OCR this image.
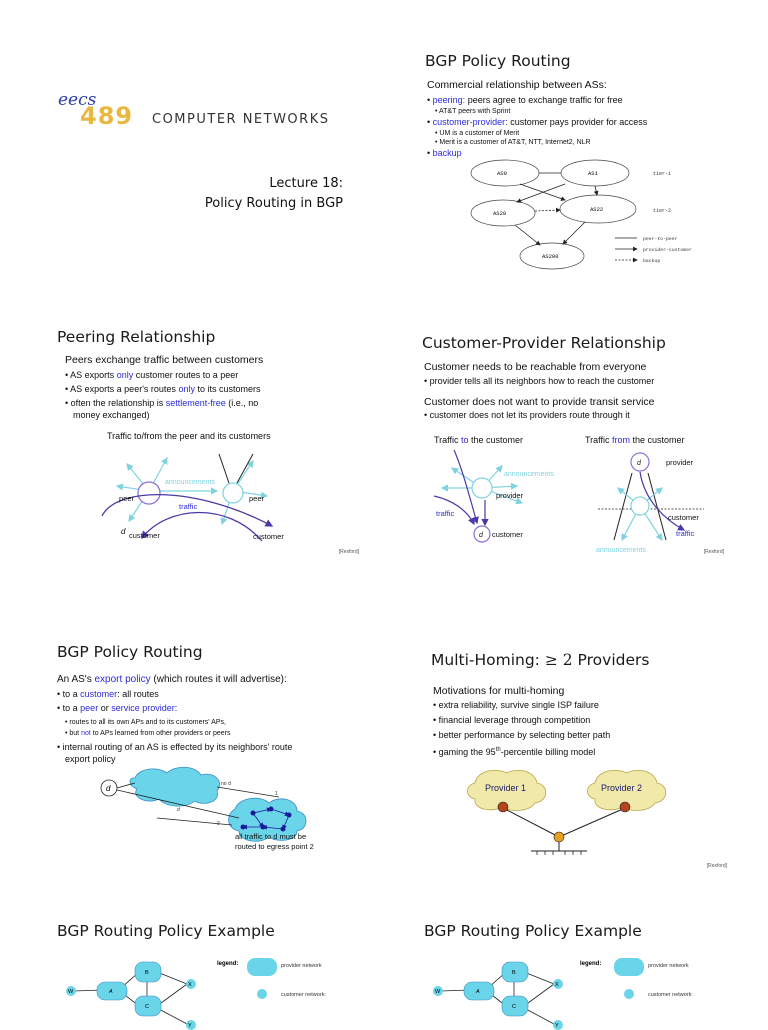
eecs
489 COMPUTER NETWORKS
Lecture 18:
Policy Routing in BGP
BGP Policy Routing
Commercial relationship between ASs:
• peering: peers agree to exchange traffic for free
• AT&T peers with Sprint
• customer-provider: customer pays provider for access
• UM is a customer of Merit
• Merit is a customer of AT&T, NTT, Internet2, NLR
• backup
AS0	AS1
AS20
AS22
AS200
tier-1
tier-2
peer-to-peer
provider-customer
backup
Peering Relationship
Peers exchange traffic between customers
• AS exports only customer routes to a peer
• AS exports a peer's routes only to its customers
• often the relationship is settlement-free (i.e., no
money exchanged)
Traffic to/from the peer and its customers
announcements
peer	peer
traffic
d customer	customer
[Rexford]
Customer-Provider Relationship
Customer needs to be reachable from everyone
• provider tells all its neighbors how to reach the customer
Customer does not want to provide transit service
• customer does not let its providers route through it
Traffic to the customer	Traffic from the customer
d
announcements
provider
traffic
customer
d	provider
customer
traffic
announcements	[Rexford]
BGP Policy Routing
An AS's export policy (which routes it will advertise):
• to a customer: all routes
• to a peer or service provider:
• routes to all its own APs and to its customers' APs,
• but not to APs learned from other providers or peers
• internal routing of an AS is effected by its neighbors' route
export policy
d	no d
1
2
d
all traffic to d must be
routed to egress point 2
Multi-Homing: ≥ 2 Providers
Motivations for multi-homing
• extra reliability, survive single ISP failure
• financial leverage through competition
• better performance by selecting better path
• gaming the 95th-percentile billing model
Provider 1	Provider 2
[Rexford]
BGP Routing Policy Example
W	A
B
C
X
Y
legend:	provider network
customer network:
BGP Routing Policy Example
W	A
B
C
X
Y
legend:	provider network
customer network:
